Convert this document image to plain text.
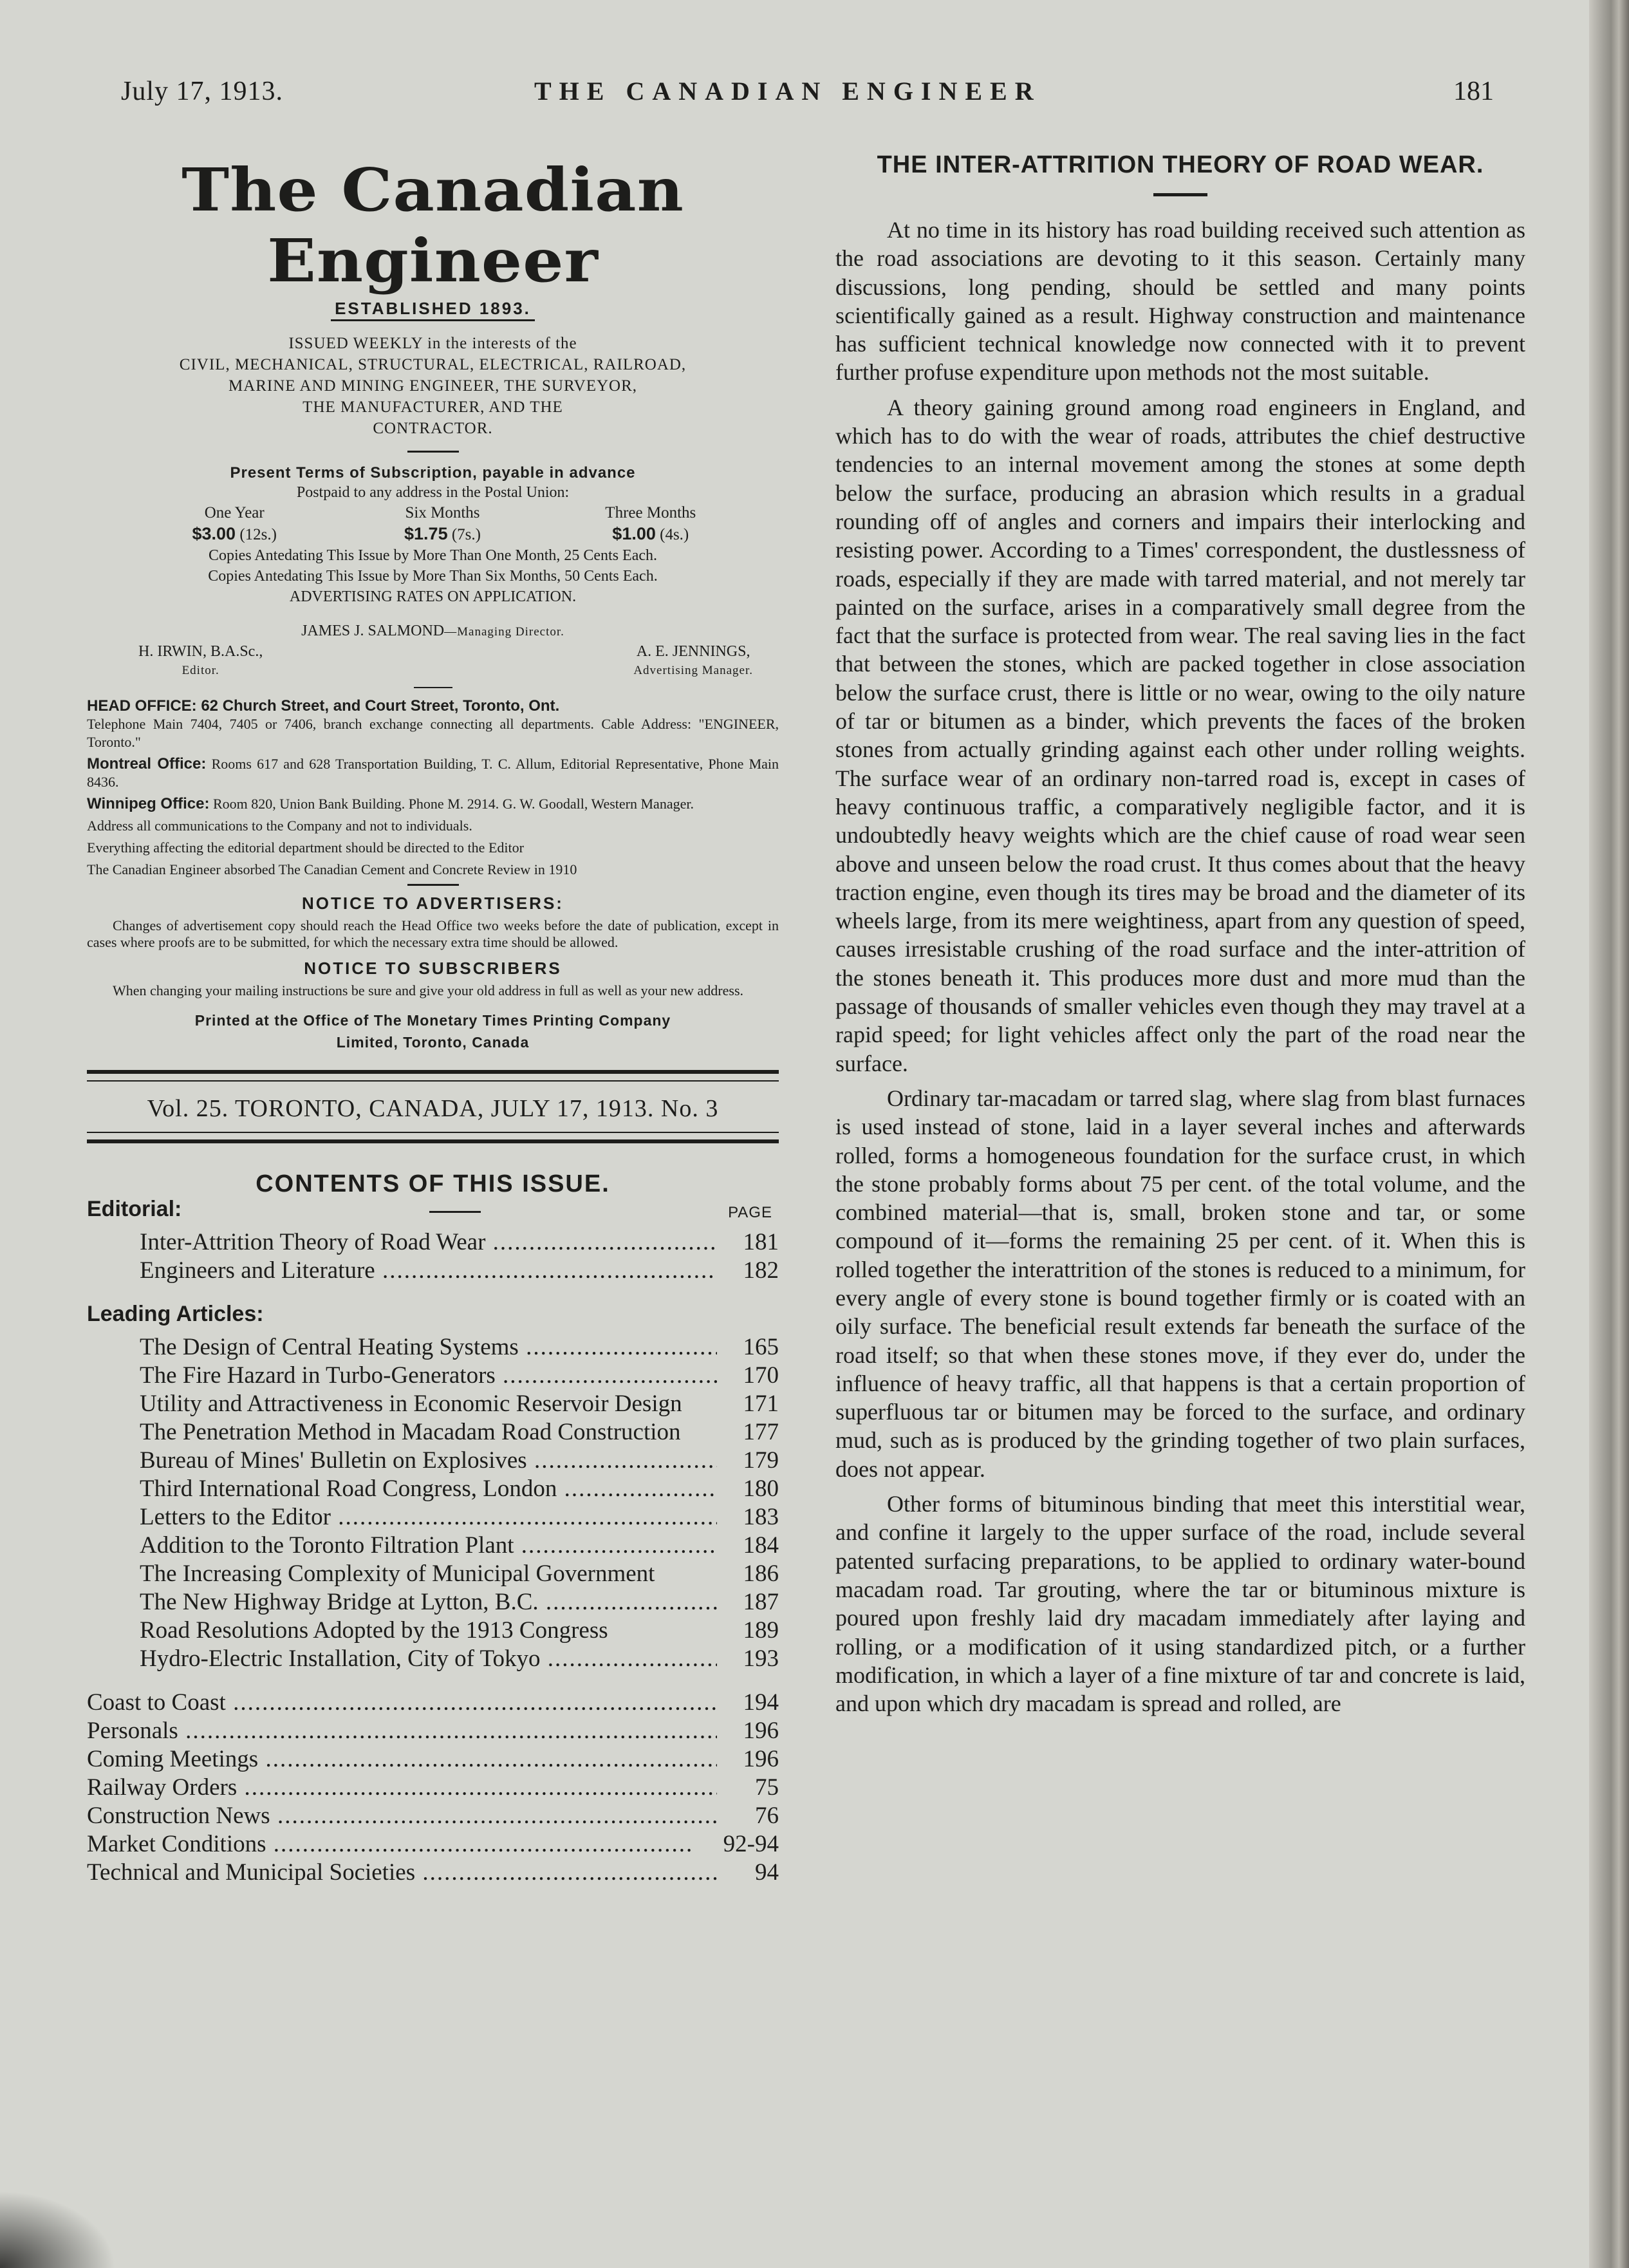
July 17, 1913.	THE CANADIAN ENGINEER	181
The Canadian Engineer
ESTABLISHED 1893.
ISSUED WEEKLY in the interests of the
CIVIL, MECHANICAL, STRUCTURAL, ELECTRICAL, RAILROAD,
MARINE AND MINING ENGINEER, THE SURVEYOR,
THE MANUFACTURER, AND THE
CONTRACTOR.
Present Terms of Subscription, payable in advance
Postpaid to any address in the Postal Union:
One Year	Six Months	Three Months
$3.00 (12s.)	$1.75 (7s.)	$1.00 (4s.)
Copies Antedating This Issue by More Than One Month, 25 Cents Each.
Copies Antedating This Issue by More Than Six Months, 50 Cents Each.
ADVERTISING RATES ON APPLICATION.
JAMES J. SALMOND—Managing Director.
H. IRWIN, B.A.Sc.,
Editor.
A. E. JENNINGS,
Advertising Manager.

HEAD OFFICE: 62 Church Street, and Court Street, Toronto, Ont.
Telephone Main 7404, 7405 or 7406, branch exchange connecting all departments. Cable Address: "ENGINEER, Toronto."

Montreal Office: Rooms 617 and 628 Transportation Building, T. C. Allum, Editorial Representative, Phone Main 8436.

Winnipeg Office: Room 820, Union Bank Building. Phone M. 2914. G. W. Goodall, Western Manager.

Address all communications to the Company and not to individuals.

Everything affecting the editorial department should be directed to the Editor

The Canadian Engineer absorbed The Canadian Cement and Concrete Review in 1910

NOTICE TO ADVERTISERS:

Changes of advertisement copy should reach the Head Office two weeks before the date of publication, except in cases where proofs are to be submitted, for which the necessary extra time should be allowed.

NOTICE TO SUBSCRIBERS

When changing your mailing instructions be sure and give your old address in full as well as your new address.

Printed at the Office of The Monetary Times Printing Company
Limited, Toronto, Canada
Vol. 25. TORONTO, CANADA, JULY 17, 1913. No. 3
CONTENTS OF THIS ISSUE.
Editorial:	PAGE
Inter-Attrition Theory of Road Wear .....	181
Engineers and Literature .....	182
Leading Articles:
The Design of Central Heating Systems .....	165
The Fire Hazard in Turbo-Generators .....	170
Utility and Attractiveness in Economic Reservoir Design	171
The Penetration Method in Macadam Road Construction	177
Bureau of Mines' Bulletin on Explosives .....	179
Third International Road Congress, London .....	180
Letters to the Editor .....	183
Addition to the Toronto Filtration Plant .....	184
The Increasing Complexity of Municipal Government	186
The New Highway Bridge at Lytton, B.C. .....	187
Road Resolutions Adopted by the 1913 Congress	189
Hydro-Electric Installation, City of Tokyo .....	193
Coast to Coast .....	194
Personals .....	196
Coming Meetings .....	196
Railway Orders .....	75
Construction News .....	76
Market Conditions .....	92-94
Technical and Municipal Societies .....	94
THE INTER-ATTRITION THEORY OF ROAD WEAR.

At no time in its history has road building received such attention as the road associations are devoting to it this season. Certainly many discussions, long pending, should be settled and many points scientifically gained as a result. Highway construction and maintenance has sufficient technical knowledge now connected with it to prevent further profuse expenditure upon methods not the most suitable.

A theory gaining ground among road engineers in England, and which has to do with the wear of roads, attributes the chief destructive tendencies to an internal movement among the stones at some depth below the surface, producing an abrasion which results in a gradual rounding off of angles and corners and impairs their interlocking and resisting power. According to a Times' correspondent, the dustlessness of roads, especially if they are made with tarred material, and not merely tar painted on the surface, arises in a comparatively small degree from the fact that the surface is protected from wear. The real saving lies in the fact that between the stones, which are packed together in close association below the surface crust, there is little or no wear, owing to the oily nature of tar or bitumen as a binder, which prevents the faces of the broken stones from actually grinding against each other under rolling weights. The surface wear of an ordinary non-tarred road is, except in cases of heavy continuous traffic, a comparatively negligible factor, and it is undoubtedly heavy weights which are the chief cause of road wear seen above and unseen below the road crust. It thus comes about that the heavy traction engine, even though its tires may be broad and the diameter of its wheels large, from its mere weightiness, apart from any question of speed, causes irresistable crushing of the road surface and the inter-attrition of the stones beneath it. This produces more dust and more mud than the passage of thousands of smaller vehicles even though they may travel at a rapid speed; for light vehicles affect only the part of the road near the surface.

Ordinary tar-macadam or tarred slag, where slag from blast furnaces is used instead of stone, laid in a layer several inches and afterwards rolled, forms a homogeneous foundation for the surface crust, in which the stone probably forms about 75 per cent. of the total volume, and the combined material—that is, small, broken stone and tar, or some compound of it—forms the remaining 25 per cent. of it. When this is rolled together the interattrition of the stones is reduced to a minimum, for every angle of every stone is bound together firmly or is coated with an oily surface. The beneficial result extends far beneath the surface of the road itself; so that when these stones move, if they ever do, under the influence of heavy traffic, all that happens is that a certain proportion of superfluous tar or bitumen may be forced to the surface, and ordinary mud, such as is produced by the grinding together of two plain surfaces, does not appear.

Other forms of bituminous binding that meet this interstitial wear, and confine it largely to the upper surface of the road, include several patented surfacing preparations, to be applied to ordinary water-bound macadam road. Tar grouting, where the tar or bituminous mixture is poured upon freshly laid dry macadam immediately after laying and rolling, or a modification of it using standardized pitch, or a further modification, in which a layer of a fine mixture of tar and concrete is laid, and upon which dry macadam is spread and rolled, are
